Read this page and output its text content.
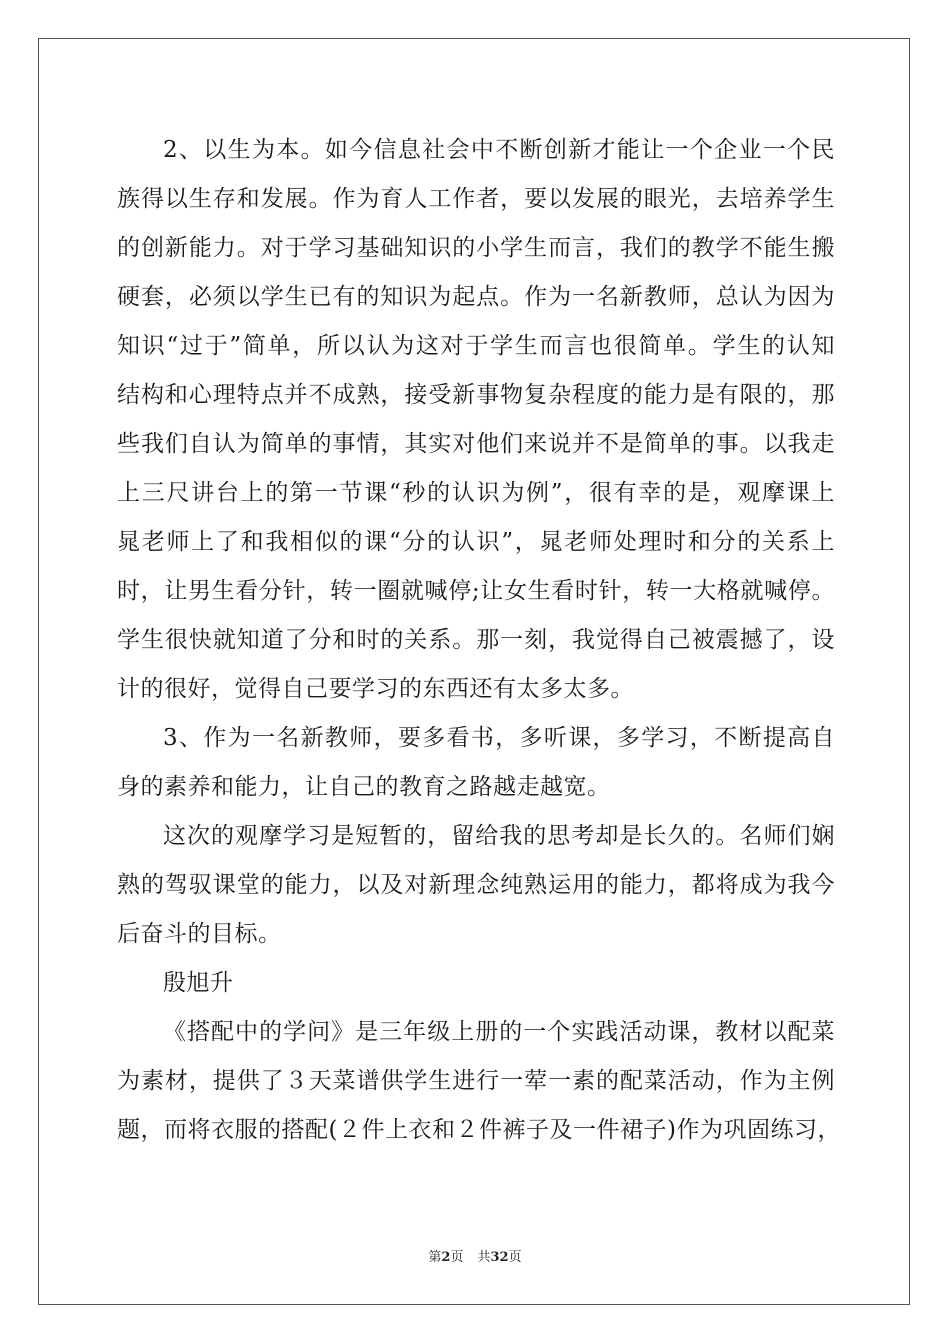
2、以生为本。如今信息社会中不断创新才能让一个企业一个民
族得以生存和发展。作为育人工作者，要以发展的眼光，去培养学生
的创新能力。对于学习基础知识的小学生而言，我们的教学不能生搬
硬套，必须以学生已有的知识为起点。作为一名新教师，总认为因为
知识“过于”简单，所以认为这对于学生而言也很简单。学生的认知
结构和心理特点并不成熟，接受新事物复杂程度的能力是有限的，那
些我们自认为简单的事情，其实对他们来说并不是简单的事。以我走
上三尺讲台上的第一节课“秒的认识为例”，很有幸的是，观摩课上
晁老师上了和我相似的课“分的认识”，晁老师处理时和分的关系上
时，让男生看分针，转一圈就喊停;让女生看时针，转一大格就喊停。
学生很快就知道了分和时的关系。那一刻，我觉得自己被震撼了，设
计的很好，觉得自己要学习的东西还有太多太多。
3、作为一名新教师，要多看书，多听课，多学习，不断提高自
身的素养和能力，让自己的教育之路越走越宽。
这次的观摩学习是短暂的，留给我的思考却是长久的。名师们娴
熟的驾驭课堂的能力，以及对新理念纯熟运用的能力，都将成为我今
后奋斗的目标。
殷旭升
《搭配中的学问》是三年级上册的一个实践活动课，教材以配菜
为素材，提供了３天菜谱供学生进行一荤一素的配菜活动，作为主例
题，而将衣服的搭配(２件上衣和２件裤子及一件裙子)作为巩固练习，
第2页 共32页
